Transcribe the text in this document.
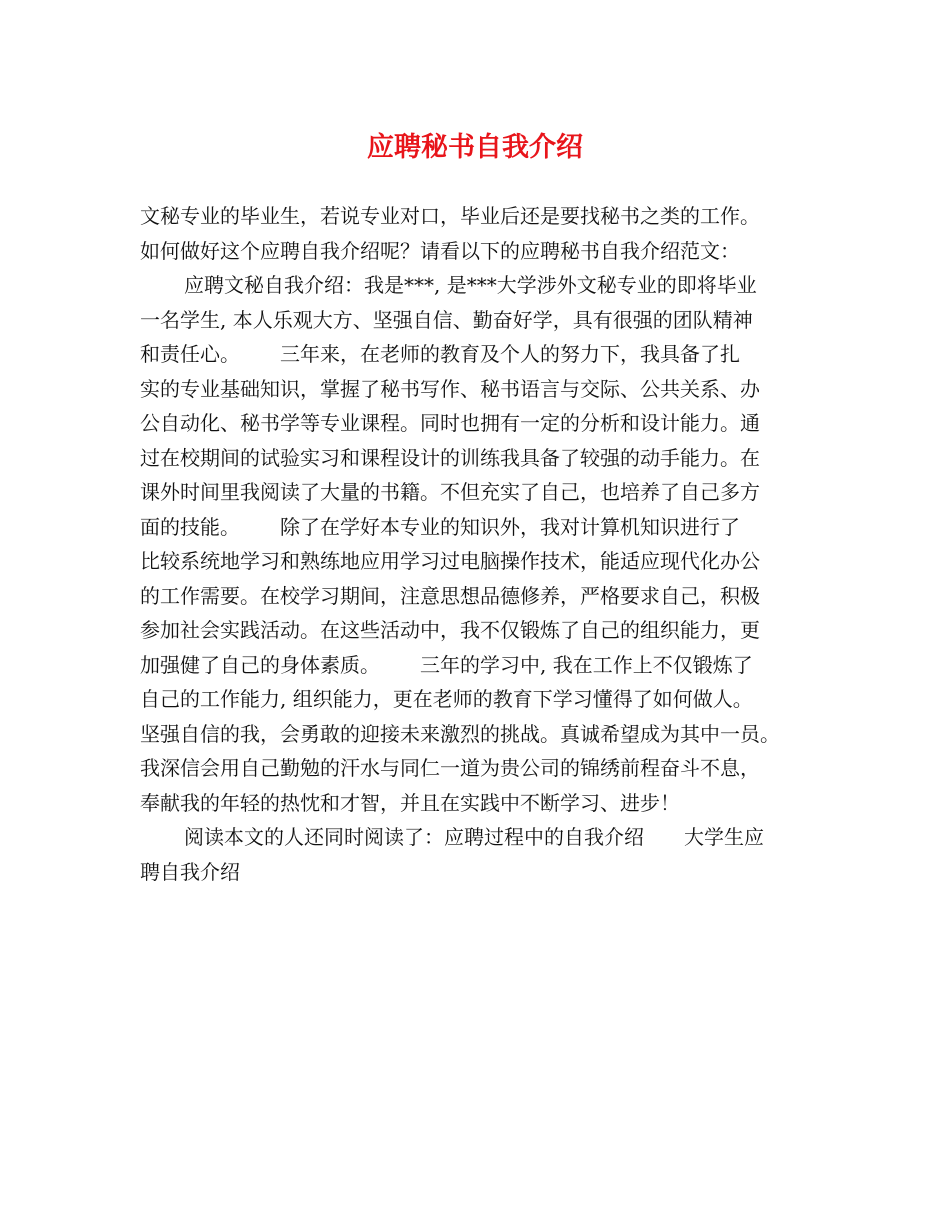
应聘秘书自我介绍
文秘专业的毕业生，若说专业对口，毕业后还是要找秘书之类的工作。
如何做好这个应聘自我介绍呢？请看以下的应聘秘书自我介绍范文：
应聘文秘自我介绍：我是***, 是***大学涉外文秘专业的即将毕业
一名学生, 本人乐观大方、坚强自信、勤奋好学，具有很强的团队精神
和责任心。 三年来，在老师的教育及个人的努力下，我具备了扎
实的专业基础知识，掌握了秘书写作、秘书语言与交际、公共关系、办
公自动化、秘书学等专业课程。同时也拥有一定的分析和设计能力。通
过在校期间的试验实习和课程设计的训练我具备了较强的动手能力。在
课外时间里我阅读了大量的书籍。不但充实了自己，也培养了自己多方
面的技能。 除了在学好本专业的知识外，我对计算机知识进行了
比较系统地学习和熟练地应用学习过电脑操作技术，能适应现代化办公
的工作需要。在校学习期间，注意思想品德修养，严格要求自己，积极
参加社会实践活动。在这些活动中，我不仅锻炼了自己的组织能力，更
加强健了自己的身体素质。 三年的学习中, 我在工作上不仅锻炼了
自己的工作能力, 组织能力，更在老师的教育下学习懂得了如何做人。
坚强自信的我，会勇敢的迎接未来激烈的挑战。真诚希望成为其中一员。
我深信会用自己勤勉的汗水与同仁一道为贵公司的锦绣前程奋斗不息，
奉献我的年轻的热忱和才智，并且在实践中不断学习、进步！
阅读本文的人还同时阅读了：应聘过程中的自我介绍 大学生应
聘自我介绍
